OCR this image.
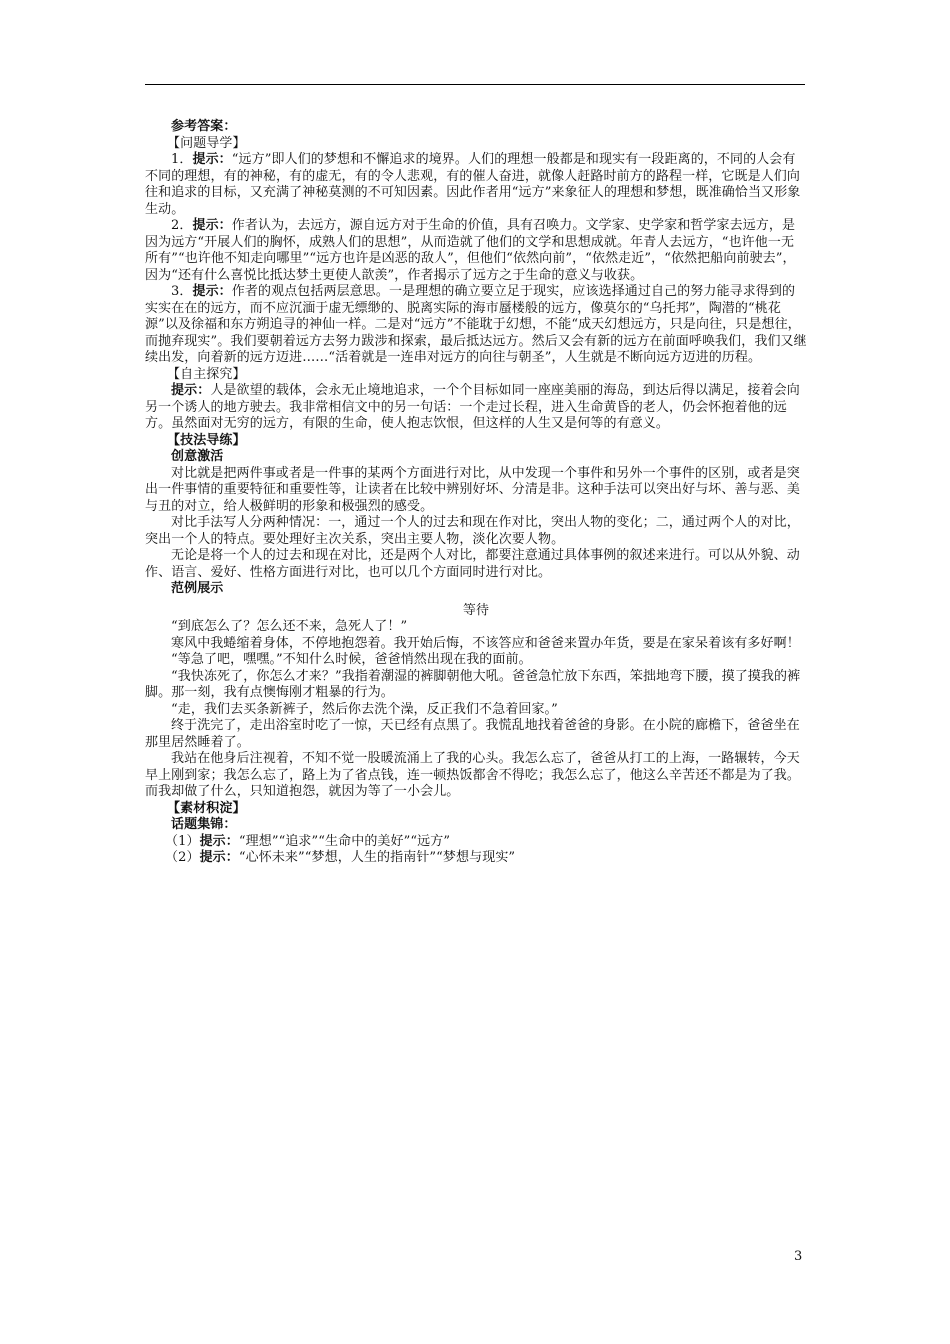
参考答案：

【问题导学】

1．提示：“远方”即人们的梦想和不懈追求的境界。人们的理想一般都是和现实有一段距离的，不同的人会有不同的理想，有的神秘，有的虚无，有的令人悲观，有的催人奋进，就像人赶路时前方的路程一样，它既是人们向往和追求的目标，又充满了神秘莫测的不可知因素。因此作者用“远方”来象征人的理想和梦想，既准确恰当又形象生动。

2．提示：作者认为，去远方，源自远方对于生命的价值，具有召唤力。文学家、史学家和哲学家去远方，是因为远方“开展人们的胸怀，成熟人们的思想”，从而造就了他们的文学和思想成就。年青人去远方，“也许他一无所有”“也许他不知走向哪里”“远方也许是凶恶的敌人”，但他们“依然向前”，“依然走近”，“依然把船向前驶去”，因为“还有什么喜悦比抵达梦土更使人歆羡”，作者揭示了远方之于生命的意义与收获。

3．提示：作者的观点包括两层意思。一是理想的确立要立足于现实，应该选择通过自己的努力能寻求得到的实实在在的远方，而不应沉湎于虚无缥缈的、脱离实际的海市蜃楼般的远方，像莫尔的“乌托邦”，陶潜的“桃花源”以及徐福和东方朔追寻的神仙一样。二是对“远方”不能耽于幻想，不能“成天幻想远方，只是向往，只是想往，而抛弃现实”。我们要朝着远方去努力跋涉和探索，最后抵达远方。然后又会有新的远方在前面呼唤我们，我们又继续出发，向着新的远方迈进……“活着就是一连串对远方的向往与朝圣”，人生就是不断向远方迈进的历程。

【自主探究】

提示：人是欲望的载体，会永无止境地追求，一个个目标如同一座座美丽的海岛，到达后得以满足，接着会向另一个诱人的地方驶去。我非常相信文中的另一句话：一个走过长程，进入生命黄昏的老人，仍会怀抱着他的远方。虽然面对无穷的远方，有限的生命，使人抱志饮恨，但这样的人生又是何等的有意义。

【技法导练】

创意激活

对比就是把两件事或者是一件事的某两个方面进行对比，从中发现一个事件和另外一个事件的区别，或者是突出一件事情的重要特征和重要性等，让读者在比较中辨别好坏、分清是非。这种手法可以突出好与坏、善与恶、美与丑的对立，给人极鲜明的形象和极强烈的感受。

对比手法写人分两种情况：一，通过一个人的过去和现在作对比，突出人物的变化；二，通过两个人的对比，突出一个人的特点。要处理好主次关系，突出主要人物，淡化次要人物。

无论是将一个人的过去和现在对比，还是两个人对比，都要注意通过具体事例的叙述来进行。可以从外貌、动作、语言、爱好、性格方面进行对比，也可以几个方面同时进行对比。

范例展示

等待

“到底怎么了？怎么还不来，急死人了！”

寒风中我蜷缩着身体，不停地抱怨着。我开始后悔，不该答应和爸爸来置办年货，要是在家呆着该有多好啊！

“等急了吧，嘿嘿。”不知什么时候，爸爸悄然出现在我的面前。

“我快冻死了，你怎么才来？”我指着潮湿的裤脚朝他大吼。爸爸急忙放下东西，笨拙地弯下腰，摸了摸我的裤脚。那一刻，我有点懊悔刚才粗暴的行为。

“走，我们去买条新裤子，然后你去洗个澡，反正我们不急着回家。”

终于洗完了，走出浴室时吃了一惊，天已经有点黑了。我慌乱地找着爸爸的身影。在小院的廊檐下，爸爸坐在那里居然睡着了。

我站在他身后注视着，不知不觉一股暖流涌上了我的心头。我怎么忘了，爸爸从打工的上海，一路辗转，今天早上刚到家；我怎么忘了，路上为了省点钱，连一顿热饭都舍不得吃；我怎么忘了，他这么辛苦还不都是为了我。而我却做了什么，只知道抱怨，就因为等了一小会儿。

【素材积淀】

话题集锦：

（1）提示：“理想”“追求”“生命中的美好”“远方”

（2）提示：“心怀未来”“梦想，人生的指南针”“梦想与现实”

3
